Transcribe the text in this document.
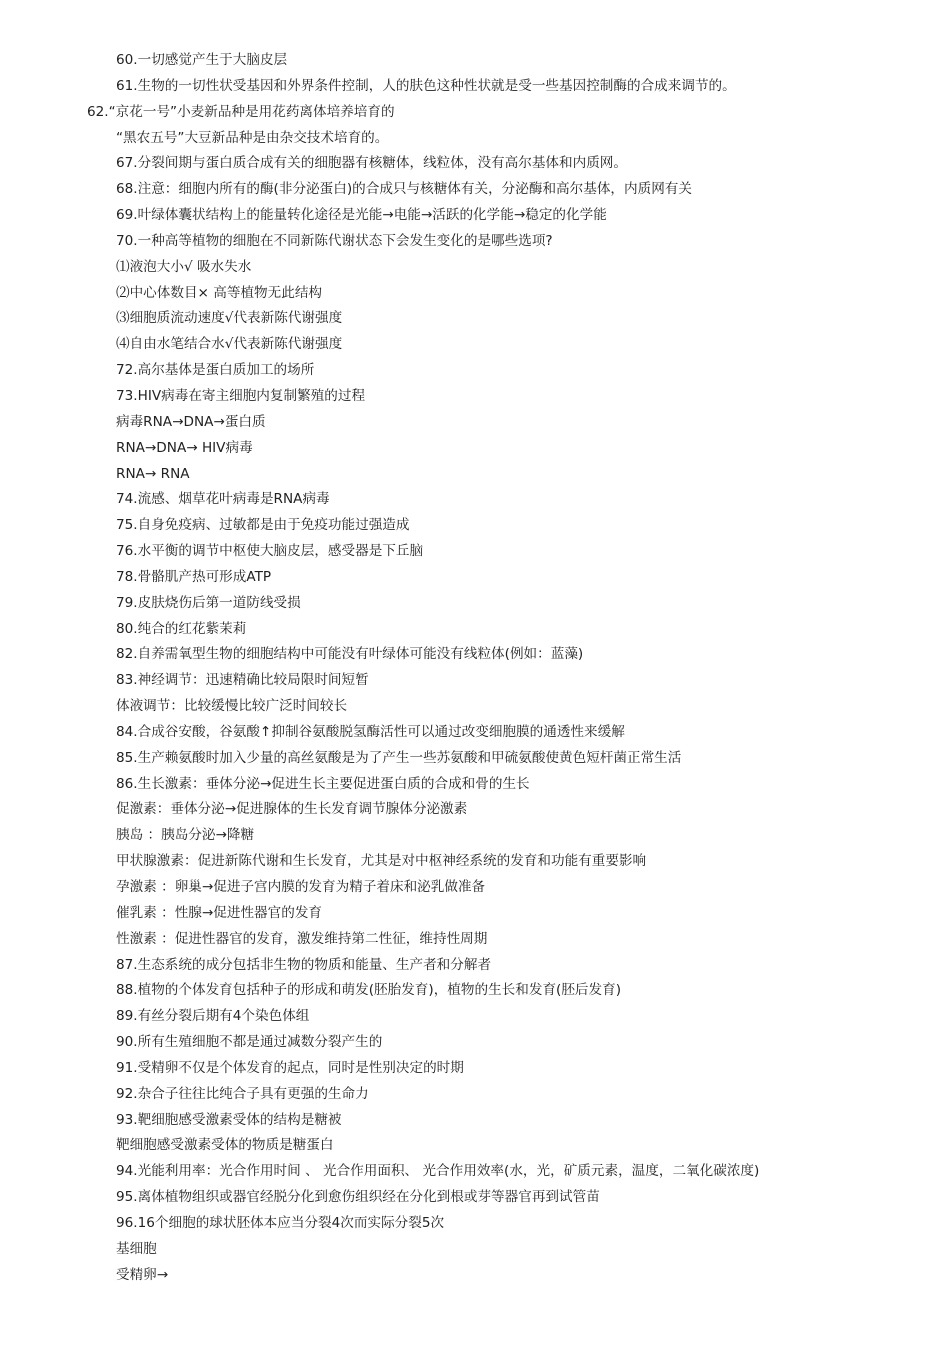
60.一切感觉产生于大脑皮层
61.生物的一切性状受基因和外界条件控制，人的肤色这种性状就是受一些基因控制酶的合成来调节的。
62.“京花一号”小麦新品种是用花药离体培养培育的
“黑农五号”大豆新品种是由杂交技术培育的。
67.分裂间期与蛋白质合成有关的细胞器有核糖体，线粒体，没有高尔基体和内质网。
68.注意：细胞内所有的酶(非分泌蛋白)的合成只与核糖体有关，分泌酶和高尔基体，内质网有关
69.叶绿体囊状结构上的能量转化途径是光能→电能→活跃的化学能→稳定的化学能
70.一种高等植物的细胞在不同新陈代谢状态下会发生变化的是哪些选项?
⑴液泡大小√ 吸水失水
⑵中心体数目× 高等植物无此结构
⑶细胞质流动速度√代表新陈代谢强度
⑷自由水笔结合水√代表新陈代谢强度
72.高尔基体是蛋白质加工的场所
73.HIV病毒在寄主细胞内复制繁殖的过程
病毒RNA→DNA→蛋白质
RNA→DNA→ HIV病毒
RNA→ RNA
74.流感、烟草花叶病毒是RNA病毒
75.自身免疫病、过敏都是由于免疫功能过强造成
76.水平衡的调节中枢使大脑皮层，感受器是下丘脑
78.骨骼肌产热可形成ATP
79.皮肤烧伤后第一道防线受损
80.纯合的红花紫茉莉
82.自养需氧型生物的细胞结构中可能没有叶绿体可能没有线粒体(例如：蓝藻)
83.神经调节：迅速精确比较局限时间短暂
体液调节：比较缓慢比较广泛时间较长
84.合成谷安酸，谷氨酸↑抑制谷氨酸脱氢酶活性可以通过改变细胞膜的通透性来缓解
85.生产赖氨酸时加入少量的高丝氨酸是为了产生一些苏氨酸和甲硫氨酸使黄色短杆菌正常生活
86.生长激素：垂体分泌→促进生长主要促进蛋白质的合成和骨的生长
促激素：垂体分泌→促进腺体的生长发育调节腺体分泌激素
胰岛 ：胰岛分泌→降糖
甲状腺激素：促进新陈代谢和生长发育，尤其是对中枢神经系统的发育和功能有重要影响
孕激素 ：卵巢→促进子宫内膜的发育为精子着床和泌乳做准备
催乳素 ：性腺→促进性器官的发育
性激素 ：促进性器官的发育，激发维持第二性征，维持性周期
87.生态系统的成分包括非生物的物质和能量、生产者和分解者
88.植物的个体发育包括种子的形成和萌发(胚胎发育)，植物的生长和发育(胚后发育)
89.有丝分裂后期有4个染色体组
90.所有生殖细胞不都是通过减数分裂产生的
91.受精卵不仅是个体发育的起点，同时是性别决定的时期
92.杂合子往往比纯合子具有更强的生命力
93.靶细胞感受激素受体的结构是糖被
靶细胞感受激素受体的物质是糖蛋白
94.光能利用率：光合作用时间 、 光合作用面积、 光合作用效率(水，光，矿质元素，温度，二氧化碳浓度)
95.离体植物组织或器官经脱分化到愈伤组织经在分化到根或芽等器官再到试管苗
96.16个细胞的球状胚体本应当分裂4次而实际分裂5次
基细胞
受精卵→
